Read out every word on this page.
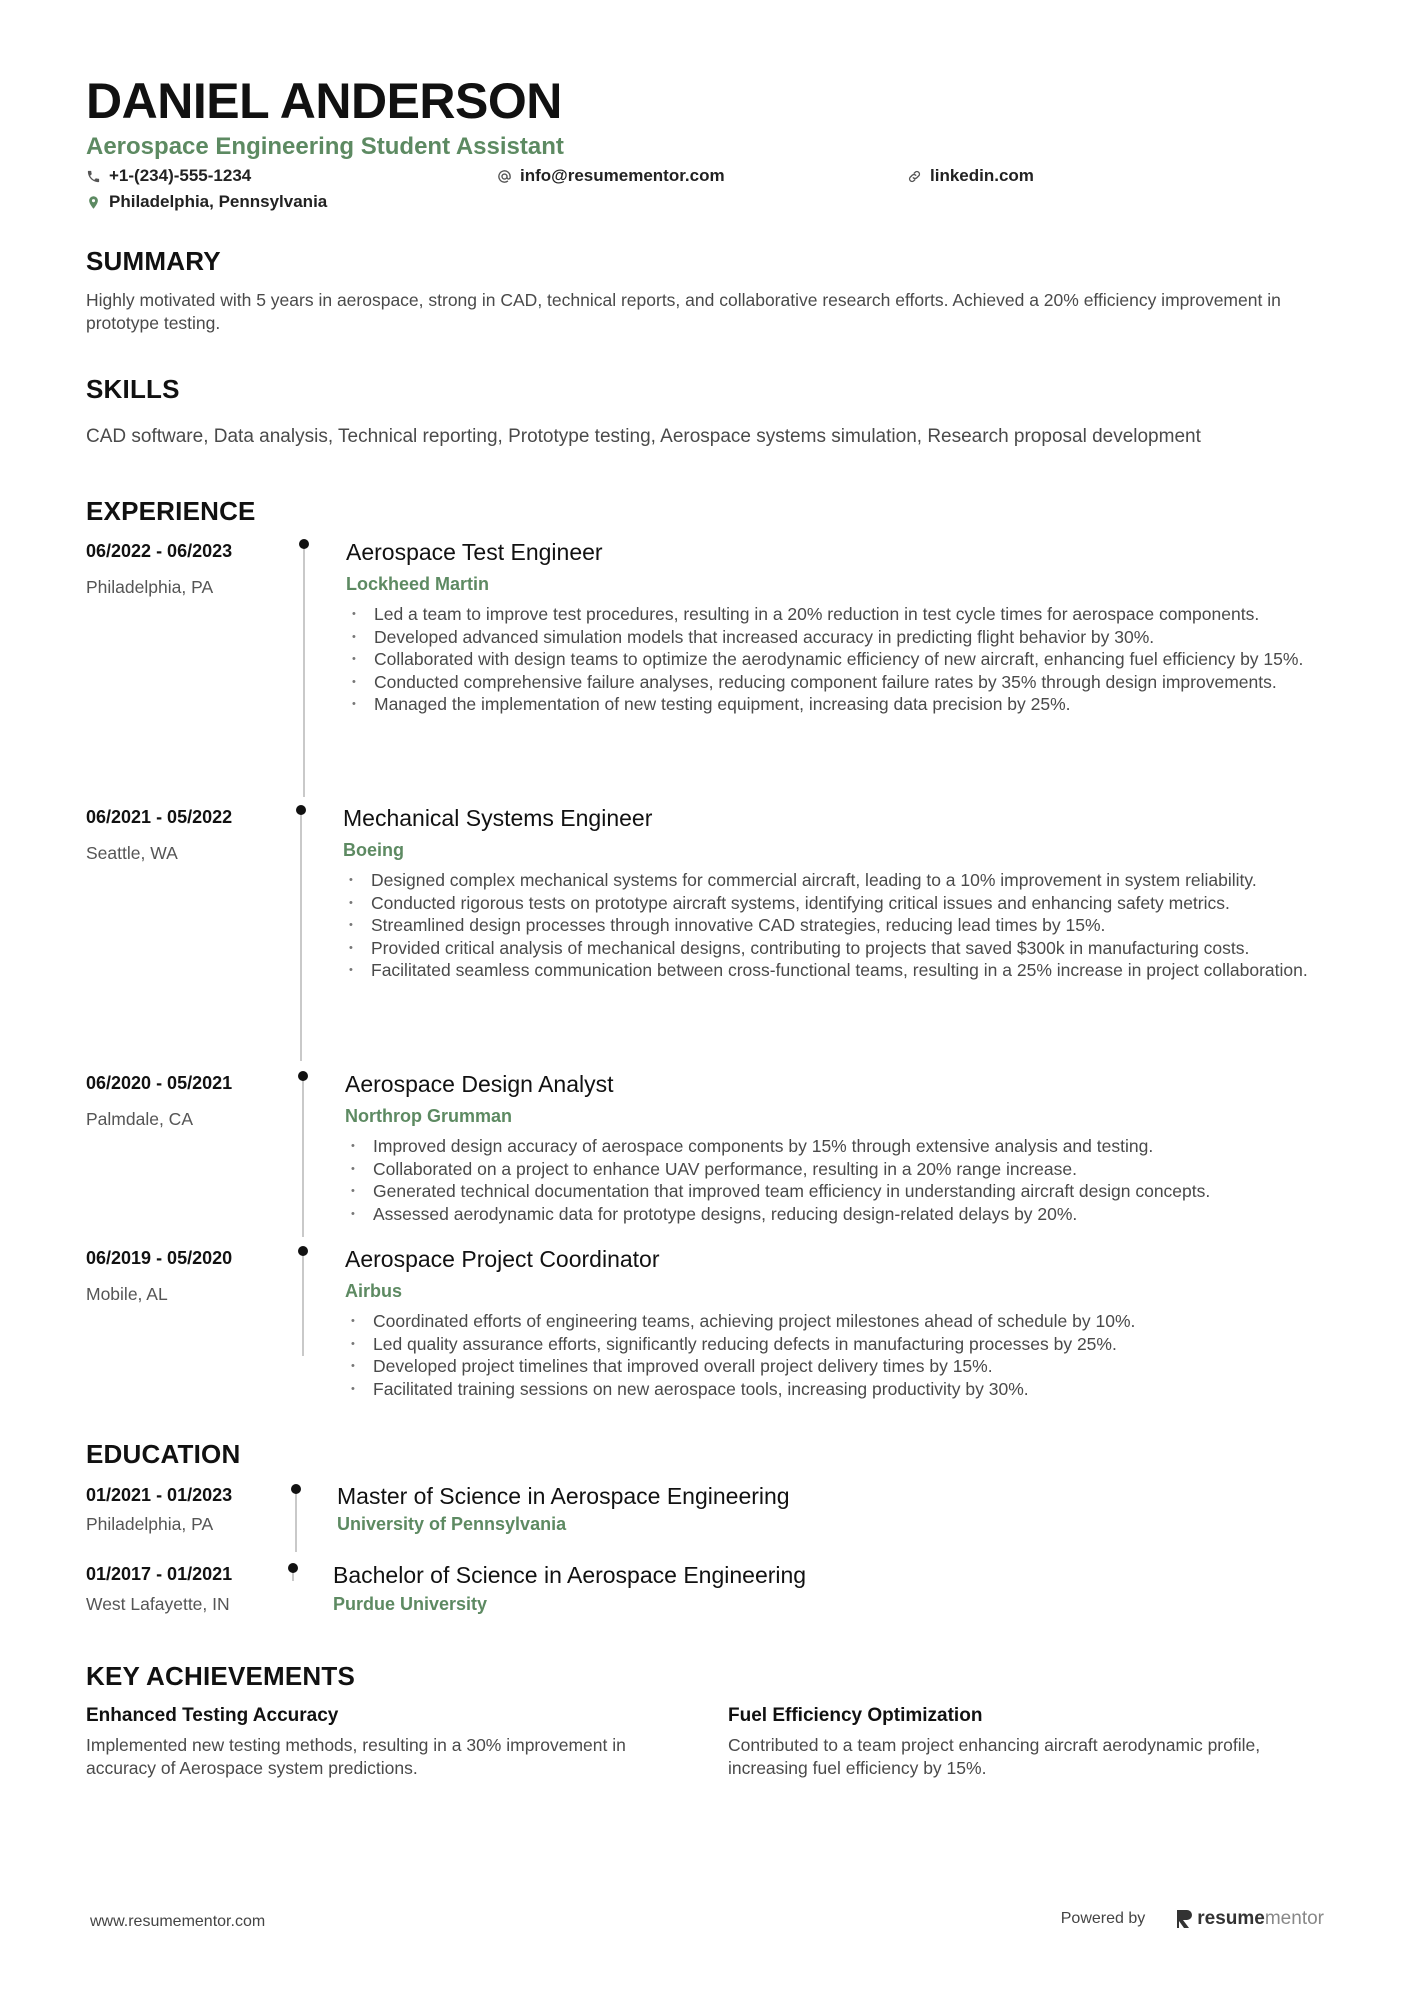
DANIEL ANDERSON
Aerospace Engineering Student Assistant
+1-(234)-555-1234	info@resumementor.com	linkedin.com
Philadelphia, Pennsylvania
SUMMARY
Highly motivated with 5 years in aerospace, strong in CAD, technical reports, and collaborative research efforts. Achieved a 20% efficiency improvement in prototype testing.
SKILLS
CAD software, Data analysis, Technical reporting, Prototype testing, Aerospace systems simulation, Research proposal development
EXPERIENCE
06/2022 - 06/2023
Philadelphia, PA
Aerospace Test Engineer
Lockheed Martin
• Led a team to improve test procedures, resulting in a 20% reduction in test cycle times for aerospace components.
• Developed advanced simulation models that increased accuracy in predicting flight behavior by 30%.
• Collaborated with design teams to optimize the aerodynamic efficiency of new aircraft, enhancing fuel efficiency by 15%.
• Conducted comprehensive failure analyses, reducing component failure rates by 35% through design improvements.
• Managed the implementation of new testing equipment, increasing data precision by 25%.
06/2021 - 05/2022
Seattle, WA
Mechanical Systems Engineer
Boeing
• Designed complex mechanical systems for commercial aircraft, leading to a 10% improvement in system reliability.
• Conducted rigorous tests on prototype aircraft systems, identifying critical issues and enhancing safety metrics.
• Streamlined design processes through innovative CAD strategies, reducing lead times by 15%.
• Provided critical analysis of mechanical designs, contributing to projects that saved $300k in manufacturing costs.
• Facilitated seamless communication between cross-functional teams, resulting in a 25% increase in project collaboration.
06/2020 - 05/2021
Palmdale, CA
Aerospace Design Analyst
Northrop Grumman
• Improved design accuracy of aerospace components by 15% through extensive analysis and testing.
• Collaborated on a project to enhance UAV performance, resulting in a 20% range increase.
• Generated technical documentation that improved team efficiency in understanding aircraft design concepts.
• Assessed aerodynamic data for prototype designs, reducing design-related delays by 20%.
06/2019 - 05/2020
Mobile, AL
Aerospace Project Coordinator
Airbus
• Coordinated efforts of engineering teams, achieving project milestones ahead of schedule by 10%.
• Led quality assurance efforts, significantly reducing defects in manufacturing processes by 25%.
• Developed project timelines that improved overall project delivery times by 15%.
• Facilitated training sessions on new aerospace tools, increasing productivity by 30%.
EDUCATION
01/2021 - 01/2023
Philadelphia, PA
Master of Science in Aerospace Engineering
University of Pennsylvania
01/2017 - 01/2021
West Lafayette, IN
Bachelor of Science in Aerospace Engineering
Purdue University
KEY ACHIEVEMENTS
Enhanced Testing Accuracy
Implemented new testing methods, resulting in a 30% improvement in accuracy of Aerospace system predictions.
Fuel Efficiency Optimization
Contributed to a team project enhancing aircraft aerodynamic profile, increasing fuel efficiency by 15%.
www.resumementor.com	Powered by	resume mentor
